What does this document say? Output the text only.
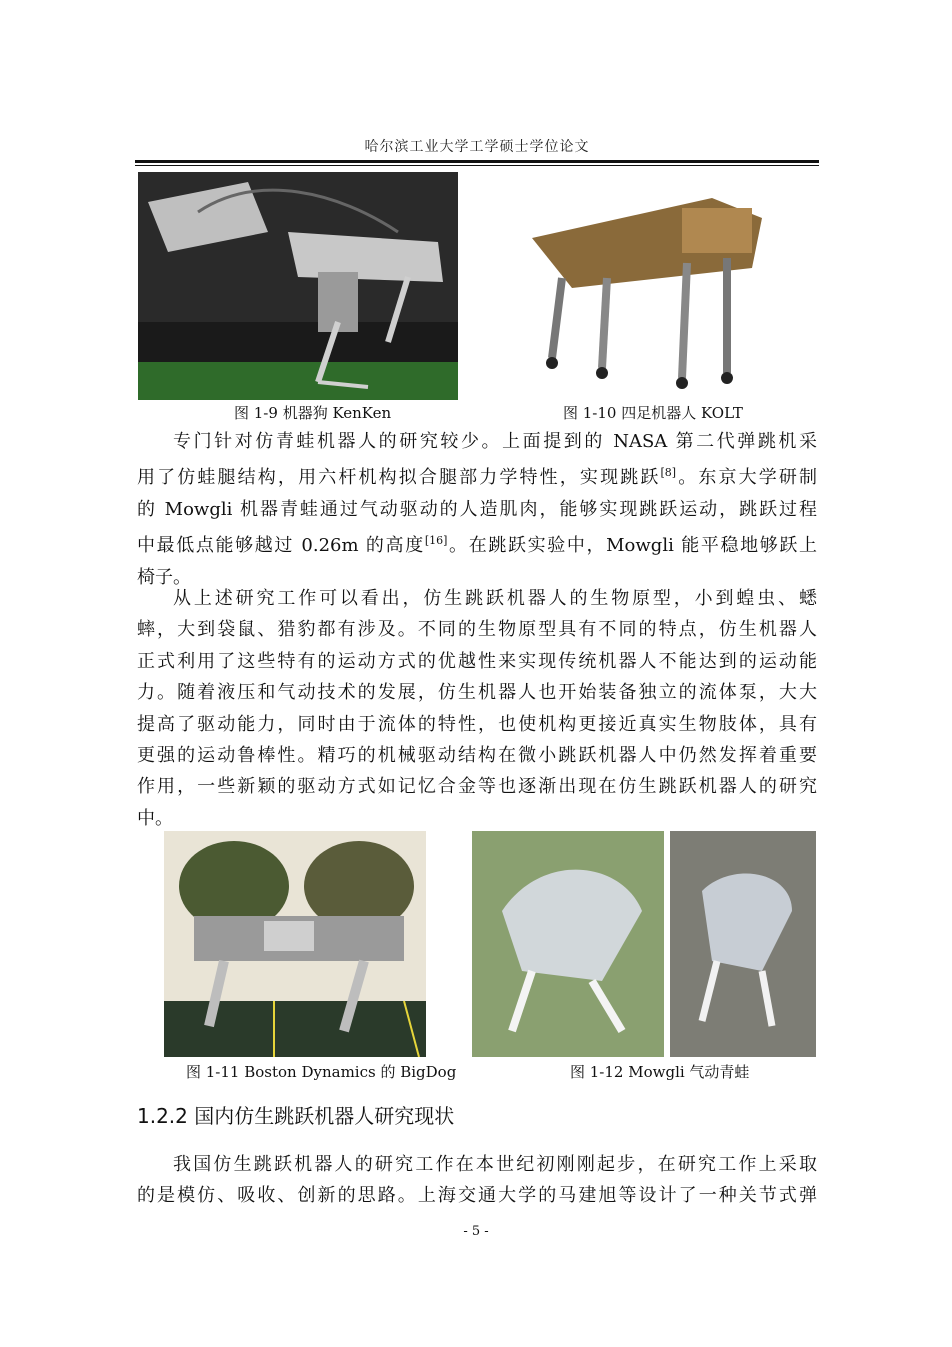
哈尔滨工业大学工学硕士学位论文
图 1-9 机器狗 KenKen	图 1-10 四足机器人 KOLT
专门针对仿青蛙机器人的研究较少。上面提到的 NASA 第二代弹跳机采
用了仿蛙腿结构，用六杆机构拟合腿部力学特性，实现跳跃[8]。东京大学研制
的 Mowgli 机器青蛙通过气动驱动的人造肌肉，能够实现跳跃运动，跳跃过程
中最低点能够越过 0.26m 的高度[16]。在跳跃实验中，Mowgli 能平稳地够跃上
椅子。
从上述研究工作可以看出，仿生跳跃机器人的生物原型，小到蝗虫、蟋
蟀，大到袋鼠、猎豹都有涉及。不同的生物原型具有不同的特点，仿生机器人
正式利用了这些特有的运动方式的优越性来实现传统机器人不能达到的运动能
力。随着液压和气动技术的发展，仿生机器人也开始装备独立的流体泵，大大
提高了驱动能力，同时由于流体的特性，也使机构更接近真实生物肢体，具有
更强的运动鲁棒性。精巧的机械驱动结构在微小跳跃机器人中仍然发挥着重要
作用，一些新颖的驱动方式如记忆合金等也逐渐出现在仿生跳跃机器人的研究
中。
图 1-11 Boston Dynamics 的 BigDog	图 1-12 Mowgli 气动青蛙
1.2.2 国内仿生跳跃机器人研究现状
我国仿生跳跃机器人的研究工作在本世纪初刚刚起步，在研究工作上采取
的是模仿、吸收、创新的思路。上海交通大学的马建旭等设计了一种关节式弹
- 5 -
